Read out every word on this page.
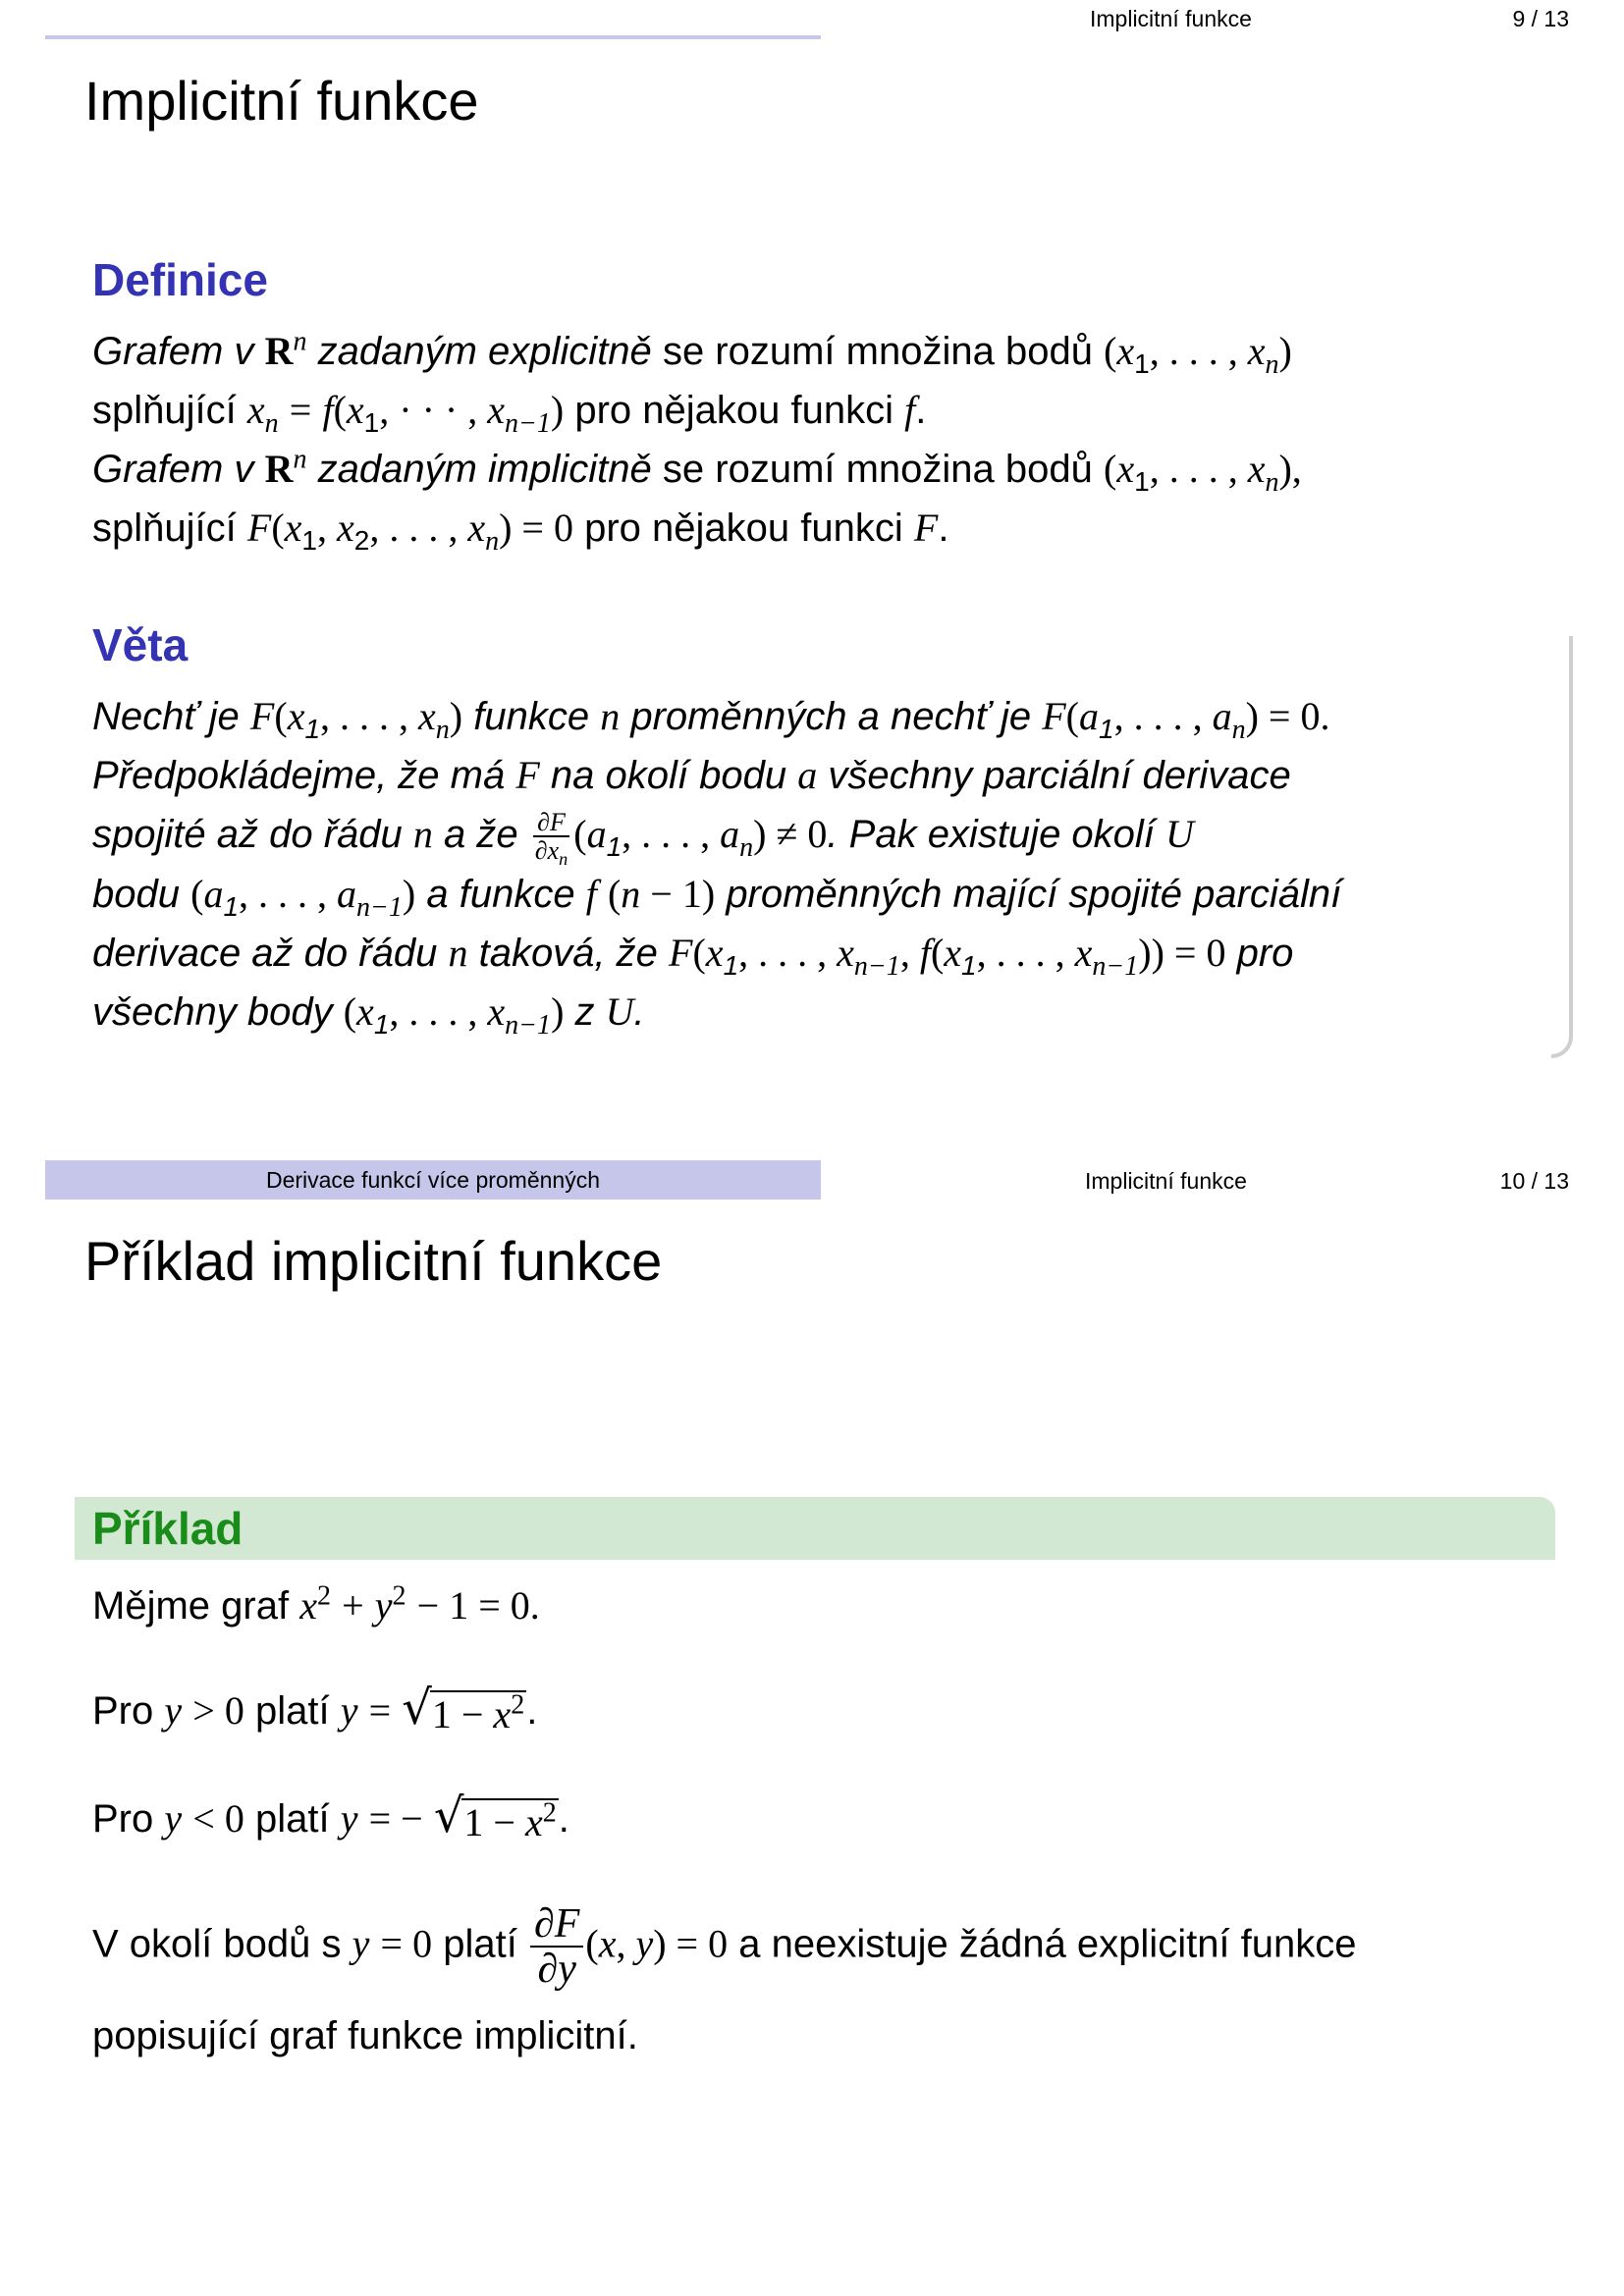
Implicitní funkce	9 / 13
Implicitní funkce
Definice

Grafem v $R^n$ zadaným explicitně se rozumí množina bodů ($x_1$, . . . , $x_n$)

splňující $x_n = f(x_1$, · · · , $x_{n-1}$) pro nějakou funkci f.

Grafem v $R^n$ zadaným implicitně se rozumí množina bodů ($x_1$, . . . , $x_n$),

splňující $F(x_1$, $x_2$, . . . , $x_n) = 0$ pro nějakou funkci F.

Věta

Nechť je $F(x_1$, . . . , $x_n$) funkce n proměnných a nechť je $F(a_1$, . . . , $a_n) = 0$.

Předpokládejme, že má F na okolí bodu a všechny parciální derivace

spojité až do řádu n a že $\frac{\partial F}{\partial x_n} (a_1$, . . . , $a_n) \ne 0$. Pak existuje okolí U

bodu ($a_1$, . . . , $a_{n-1}$) a funkce f (n − 1) proměnných mající spojité parciální

derivace až do řádu n taková, že $F(x_1$, . . . , $x_{n-1}$, $f(x_1$, . . . , $x_{n-1})) = 0$ pro

všechny body ($x_1$, . . . , $x_{n-1}$) z U.

Derivace funkcí více proměnných	Implicitní funkce	10 / 13
Příklad implicitní funkce
Příklad
Mějme graf $x^2 + y^2 - 1 = 0$.
Pro y > 0 platí y = √ $1 - x^2$ .
Pro y < 0 platí y = − √ $1 - x^2$ .
V okolí bodů s y = 0 platí $\frac{\partial F}{\partial y} (x$, y) = 0 a neexistuje žádná explicitní funkce
popisující graf funkce implicitní.
